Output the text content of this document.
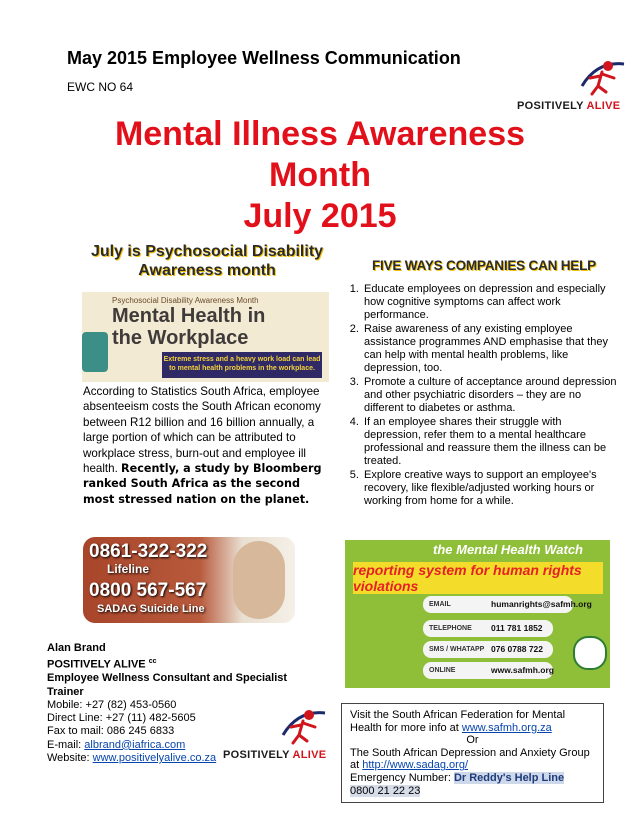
May 2015 Employee Wellness Communication
EWC NO 64
POSITIVELY ALIVE
Mental Illness Awareness
Month
July 2015
July is Psychosocial Disability
Awareness month	FIVE WAYS COMPANIES CAN HELP
Psychosocial Disability Awareness Month
Mental Health in
the Workplace
Extreme stress and a heavy work load can lead to mental health problems in the workplace.
According to Statistics South Africa, employee absenteeism costs the South African economy between R12 billion and 16 billion annually, a large portion of which can be attributed to workplace stress, burn-out and employee ill health. Recently, a study by Bloomberg ranked South Africa as the second most stressed nation on the planet.
1. Educate employees on depression and especially how cognitive symptoms can affect work performance.
2. Raise awareness of any existing employee assistance programmes AND emphasise that they can help with mental health problems, like depression, too.
3. Promote a culture of acceptance around depression and other psychiatric disorders – they are no different to diabetes or asthma.
4. If an employee shares their struggle with depression, refer them to a mental healthcare professional and reassure them the illness can be treated.
5. Explore creative ways to support an employee's recovery, like flexible/adjusted working hours or working from home for a while.
0861-322-322
Lifeline
0800 567-567
SADAG Suicide Line
the Mental Health Watch
reporting system for human rights violations
EMAIL	humanrights@safmh.org
TELEPHONE 011 781 1852
SMS / WHATAPP 076 0788 722
ONLINE	www.safmh.org
Alan Brand
POSITIVELY ALIVE $^{cc}$
Employee Wellness Consultant and Specialist Trainer
Mobile: +27 (82) 453-0560
Direct Line: +27 (11) 482-5605
Fax to mail: 086 245 6833
E-mail: albrand@iafrica.com
Website: www.positivelyalive.co.za POSITIVELY ALIVE
Visit the South African Federation for Mental Health for more info at www.safmh.org.za
Or
The South African Depression and Anxiety Group at http://www.sadag.org/
Emergency Number: Dr Reddy's Help Line
0800 21 22 23
